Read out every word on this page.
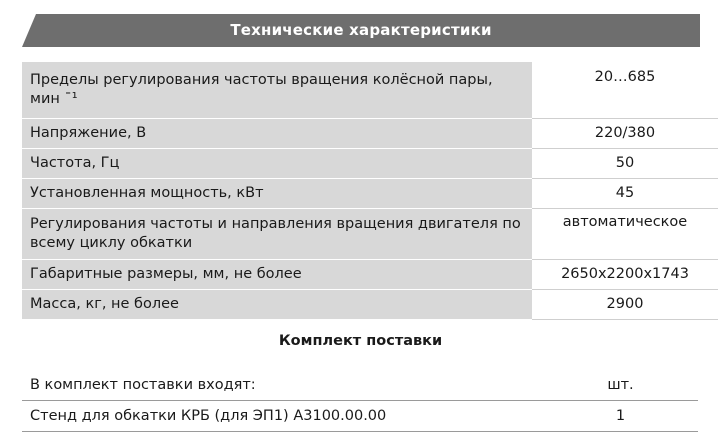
Технические характеристики
Пределы регулирования частоты вращения колёсной пары, мин ¯¹	20…685
Напряжение, В	220/380
Частота, Гц	50
Установленная мощность, кВт	45
Регулирования частоты и направления вращения двигателя по всему циклу обкатки	автоматическое
Габаритные размеры, мм, не более	2650х2200х1743
Масса, кг, не более	2900
Комплект поставки
В комплект поставки входят:	шт.
Стенд для обкатки КРБ (для ЭП1) А3100.00.00	1
